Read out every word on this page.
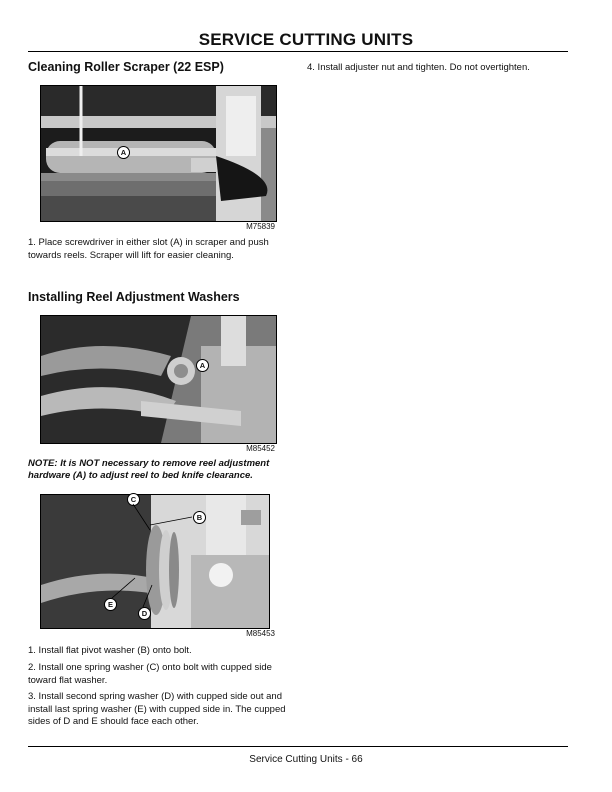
SERVICE CUTTING UNITS
Cleaning Roller Scraper (22 ESP)
A
M75839
1. Place screwdriver in either slot (A) in scraper and push towards reels. Scraper will lift for easier cleaning.
Installing Reel Adjustment Washers
A
M85452
NOTE: It is NOT necessary to remove reel adjustment hardware (A) to adjust reel to bed knife clearance.
C
B
E
D
M85453
1. Install flat pivot washer (B) onto bolt.
2. Install one spring washer (C) onto bolt with cupped side toward flat washer.
3. Install second spring washer (D) with cupped side out and install last spring washer (E) with cupped side in. The cupped sides of D and E should face each other.
4. Install adjuster nut and tighten. Do not overtighten.
Service Cutting Units - 66
